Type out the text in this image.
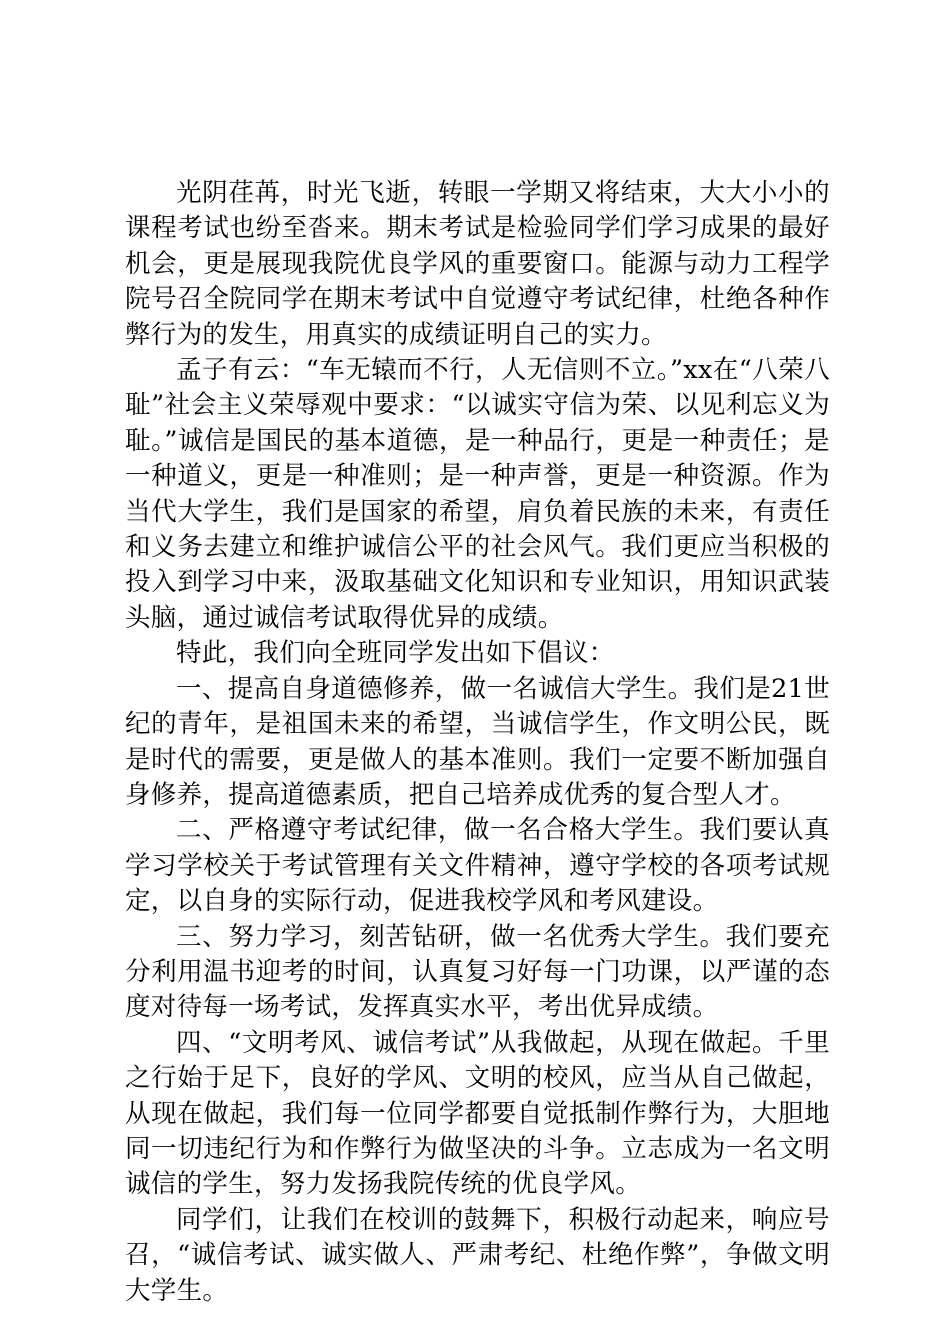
光阴荏苒，时光飞逝，转眼一学期又将结束，大大小小的课程考试也纷至沓来。期末考试是检验同学们学习成果的最好机会，更是展现我院优良学风的重要窗口。能源与动力工程学院号召全院同学在期末考试中自觉遵守考试纪律，杜绝各种作弊行为的发生，用真实的成绩证明自己的实力。

孟子有云：“车无辕而不行，人无信则不立。”xx在“八荣八耻”社会主义荣辱观中要求：“以诚实守信为荣、以见利忘义为耻。”诚信是国民的基本道德，是一种品行，更是一种责任；是一种道义，更是一种准则；是一种声誉，更是一种资源。作为当代大学生，我们是国家的希望，肩负着民族的未来，有责任和义务去建立和维护诚信公平的社会风气。我们更应当积极的投入到学习中来，汲取基础文化知识和专业知识，用知识武装头脑，通过诚信考试取得优异的成绩。

特此，我们向全班同学发出如下倡议：

一、提高自身道德修养，做一名诚信大学生。我们是21世纪的青年，是祖国未来的希望，当诚信学生，作文明公民，既是时代的需要，更是做人的基本准则。我们一定要不断加强自身修养，提高道德素质，把自己培养成优秀的复合型人才。

二、严格遵守考试纪律，做一名合格大学生。我们要认真学习学校关于考试管理有关文件精神，遵守学校的各项考试规定，以自身的实际行动，促进我校学风和考风建设。

三、努力学习，刻苦钻研，做一名优秀大学生。我们要充分利用温书迎考的时间，认真复习好每一门功课，以严谨的态度对待每一场考试，发挥真实水平，考出优异成绩。

四、“文明考风、诚信考试”从我做起，从现在做起。千里之行始于足下，良好的学风、文明的校风，应当从自己做起，从现在做起，我们每一位同学都要自觉抵制作弊行为，大胆地同一切违纪行为和作弊行为做坚决的斗争。立志成为一名文明诚信的学生，努力发扬我院传统的优良学风。

同学们，让我们在校训的鼓舞下，积极行动起来，响应号召，“诚信考试、诚实做人、严肃考纪、杜绝作弊”，争做文明大学生。
